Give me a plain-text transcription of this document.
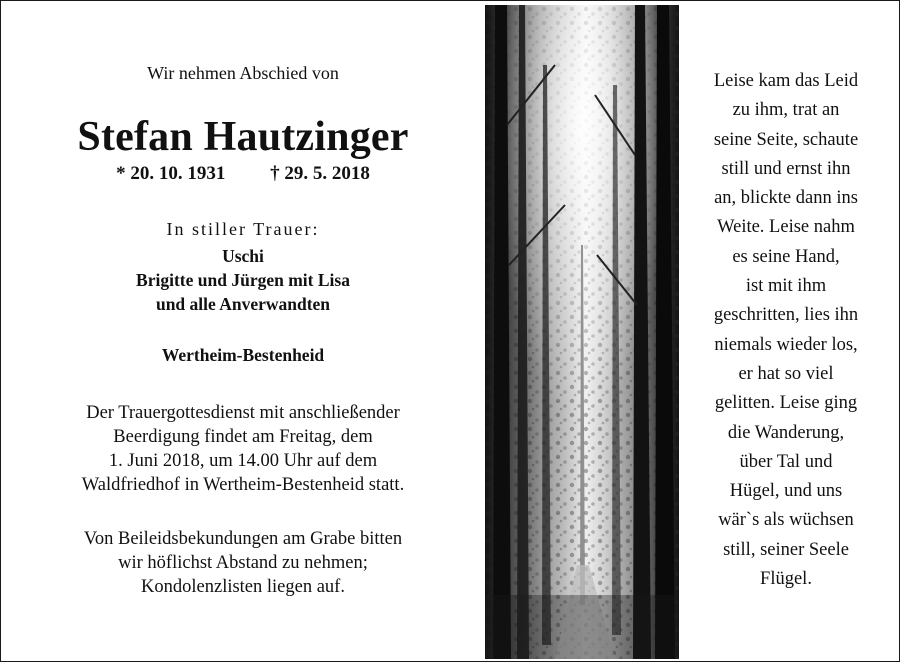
Wir nehmen Abschied von
Stefan Hautzinger
* 20. 10. 1931 † 29. 5. 2018
In stiller Trauer:
Uschi
Brigitte und Jürgen mit Lisa
und alle Anverwandten
Wertheim-Bestenheid
Der Trauergottesdienst mit anschließender
Beerdigung findet am Freitag, dem
1. Juni 2018, um 14.00 Uhr auf dem
Waldfriedhof in Wertheim-Bestenheid statt.
Von Beileidsbekundungen am Grabe bitten
wir höflichst Abstand zu nehmen;
Kondolenzlisten liegen auf.
Leise kam das Leid
zu ihm, trat an
seine Seite, schaute
still und ernst ihn
an, blickte dann ins
Weite. Leise nahm
es seine Hand,
ist mit ihm
geschritten, lies ihn
niemals wieder los,
er hat so viel
gelitten. Leise ging
die Wanderung,
über Tal und
Hügel, und uns
wär`s als wüchsen
still, seiner Seele
Flügel.
